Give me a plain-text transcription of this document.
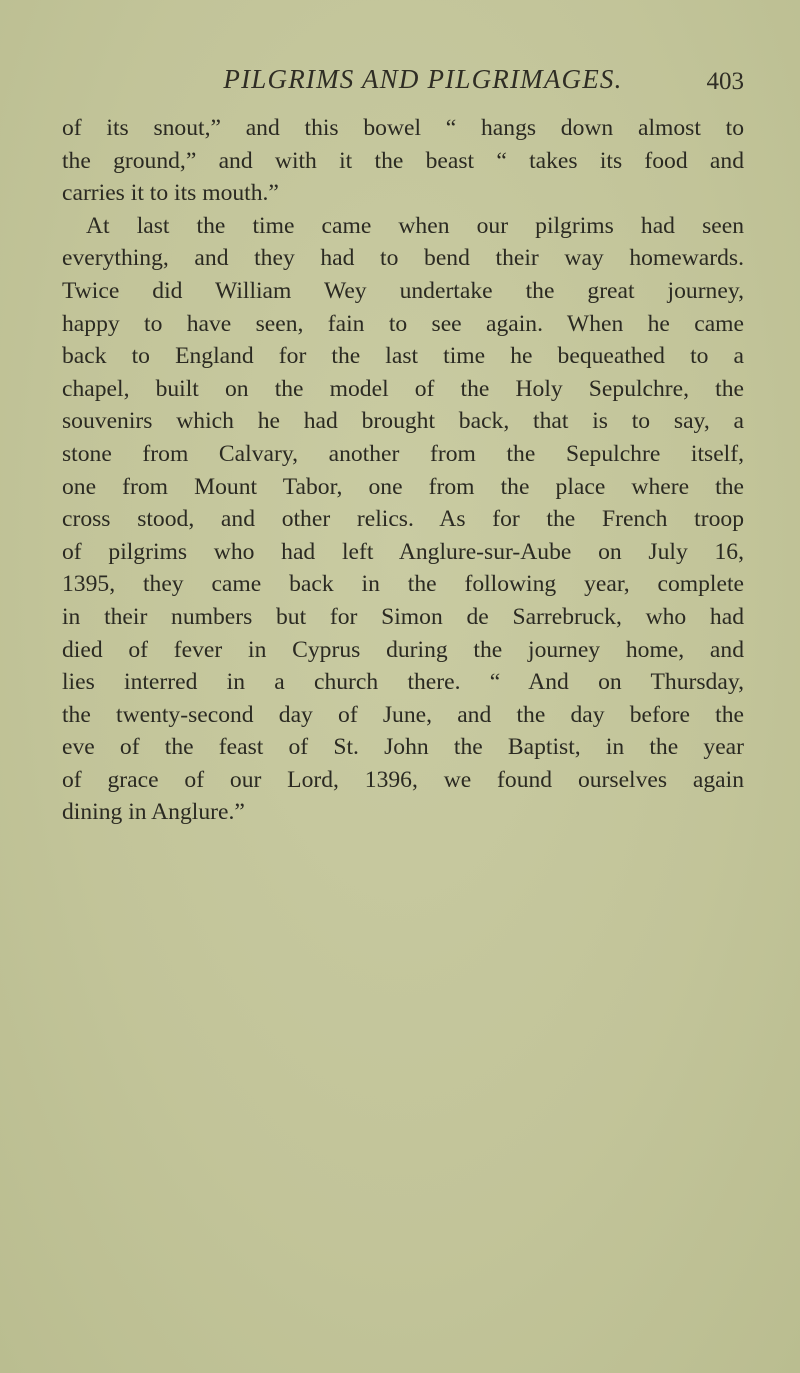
PILGRIMS AND PILGRIMAGES.	403
of its snout,” and this bowel “ hangs down almost to
the ground,” and with it the beast “ takes its food and
carries it to its mouth.”
At last the time came when our pilgrims had seen
everything, and they had to bend their way homewards.
Twice did William Wey undertake the great journey,
happy to have seen, fain to see again. When he came
back to England for the last time he bequeathed to a
chapel, built on the model of the Holy Sepulchre, the
souvenirs which he had brought back, that is to say, a
stone from Calvary, another from the Sepulchre itself,
one from Mount Tabor, one from the place where the
cross stood, and other relics. As for the French troop
of pilgrims who had left Anglure-sur-Aube on July 16,
1395, they came back in the following year, complete
in their numbers but for Simon de Sarrebruck, who had
died of fever in Cyprus during the journey home, and
lies interred in a church there. “ And on Thursday,
the twenty-second day of June, and the day before the
eve of the feast of St. John the Baptist, in the year
of grace of our Lord, 1396, we found ourselves again
dining in Anglure.”
